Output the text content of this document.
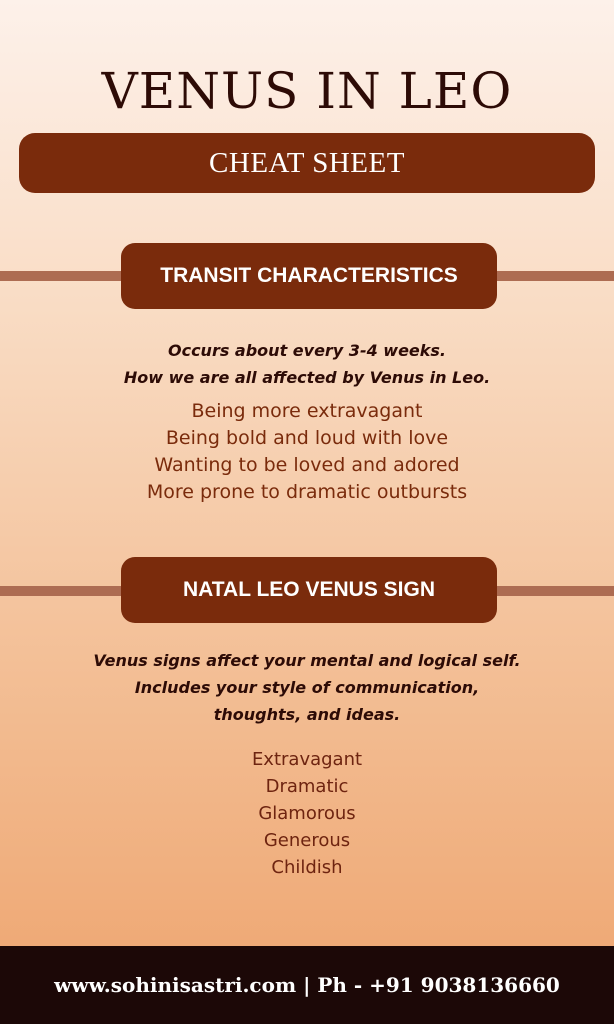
VENUS IN LEO
CHEAT SHEET
TRANSIT CHARACTERISTICS
Occurs about every 3-4 weeks.
How we are all affected by Venus in Leo.
Being more extravagant
Being bold and loud with love
Wanting to be loved and adored
More prone to dramatic outbursts
NATAL LEO VENUS SIGN
Venus signs affect your mental and logical self.
Includes your style of communication,
thoughts, and ideas.
Extravagant
Dramatic
Glamorous
Generous
Childish
www.sohinisastri.com | Ph - +91 9038136660
